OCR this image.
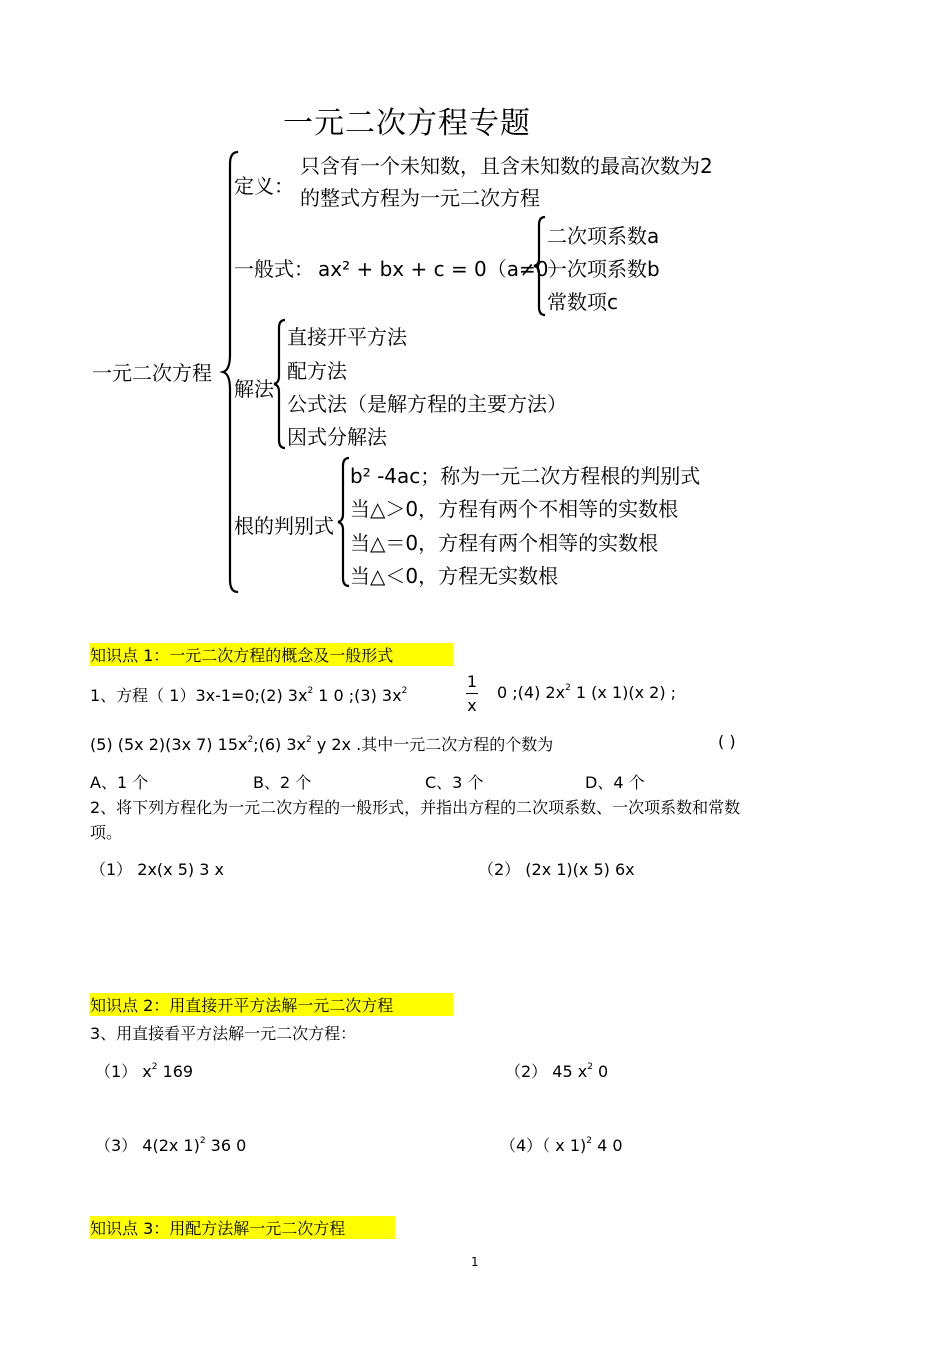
一元二次方程专题
一元二次方程
定义：
只含有一个未知数，且含未知数的最高次数为2
的整式方程为一元二次方程
一般式： ax² + bx + c = 0（a≠0）
二次项系数a
一次项系数b
常数项c
解法
直接开平方法
配方法
公式法（是解方程的主要方法）
因式分解法
根的判别式
b² -4ac；称为一元二次方程根的判别式
当△＞0，方程有两个不相等的实数根
当△＝0，方程有两个相等的实数根
当△＜0，方程无实数根
知识点 1：一元二次方程的概念及一般形式
1、方程（ 1）3x-1=0;(2) $3x^2$ 1 0 ;(3) $3x^2$	1
x
0 ;(4) $2x^2$ 1 (x 1)(x 2) ;
(5) (5x 2)(3x 7) $15x^2;(6)$ $3x^2$ y 2x .其中一元二次方程的个数为	( )
A、1 个	B、2 个	C、3 个	D、4 个
2、将下列方程化为一元二次方程的一般形式，并指出方程的二次项系数、一次项系数和常数
项。
（1） 2x(x 5) 3 x	（2） (2x 1)(x 5) 6x
知识点 2：用直接开平方法解一元二次方程
3、用直接看平方法解一元二次方程：
（1） $x^2$ 169	（2） 45 $x^2$ 0
（3） 4(2x 1)$^2$ 36 0	（4）（ x 1)$^2$ 4 0
知识点 3：用配方法解一元二次方程
1
